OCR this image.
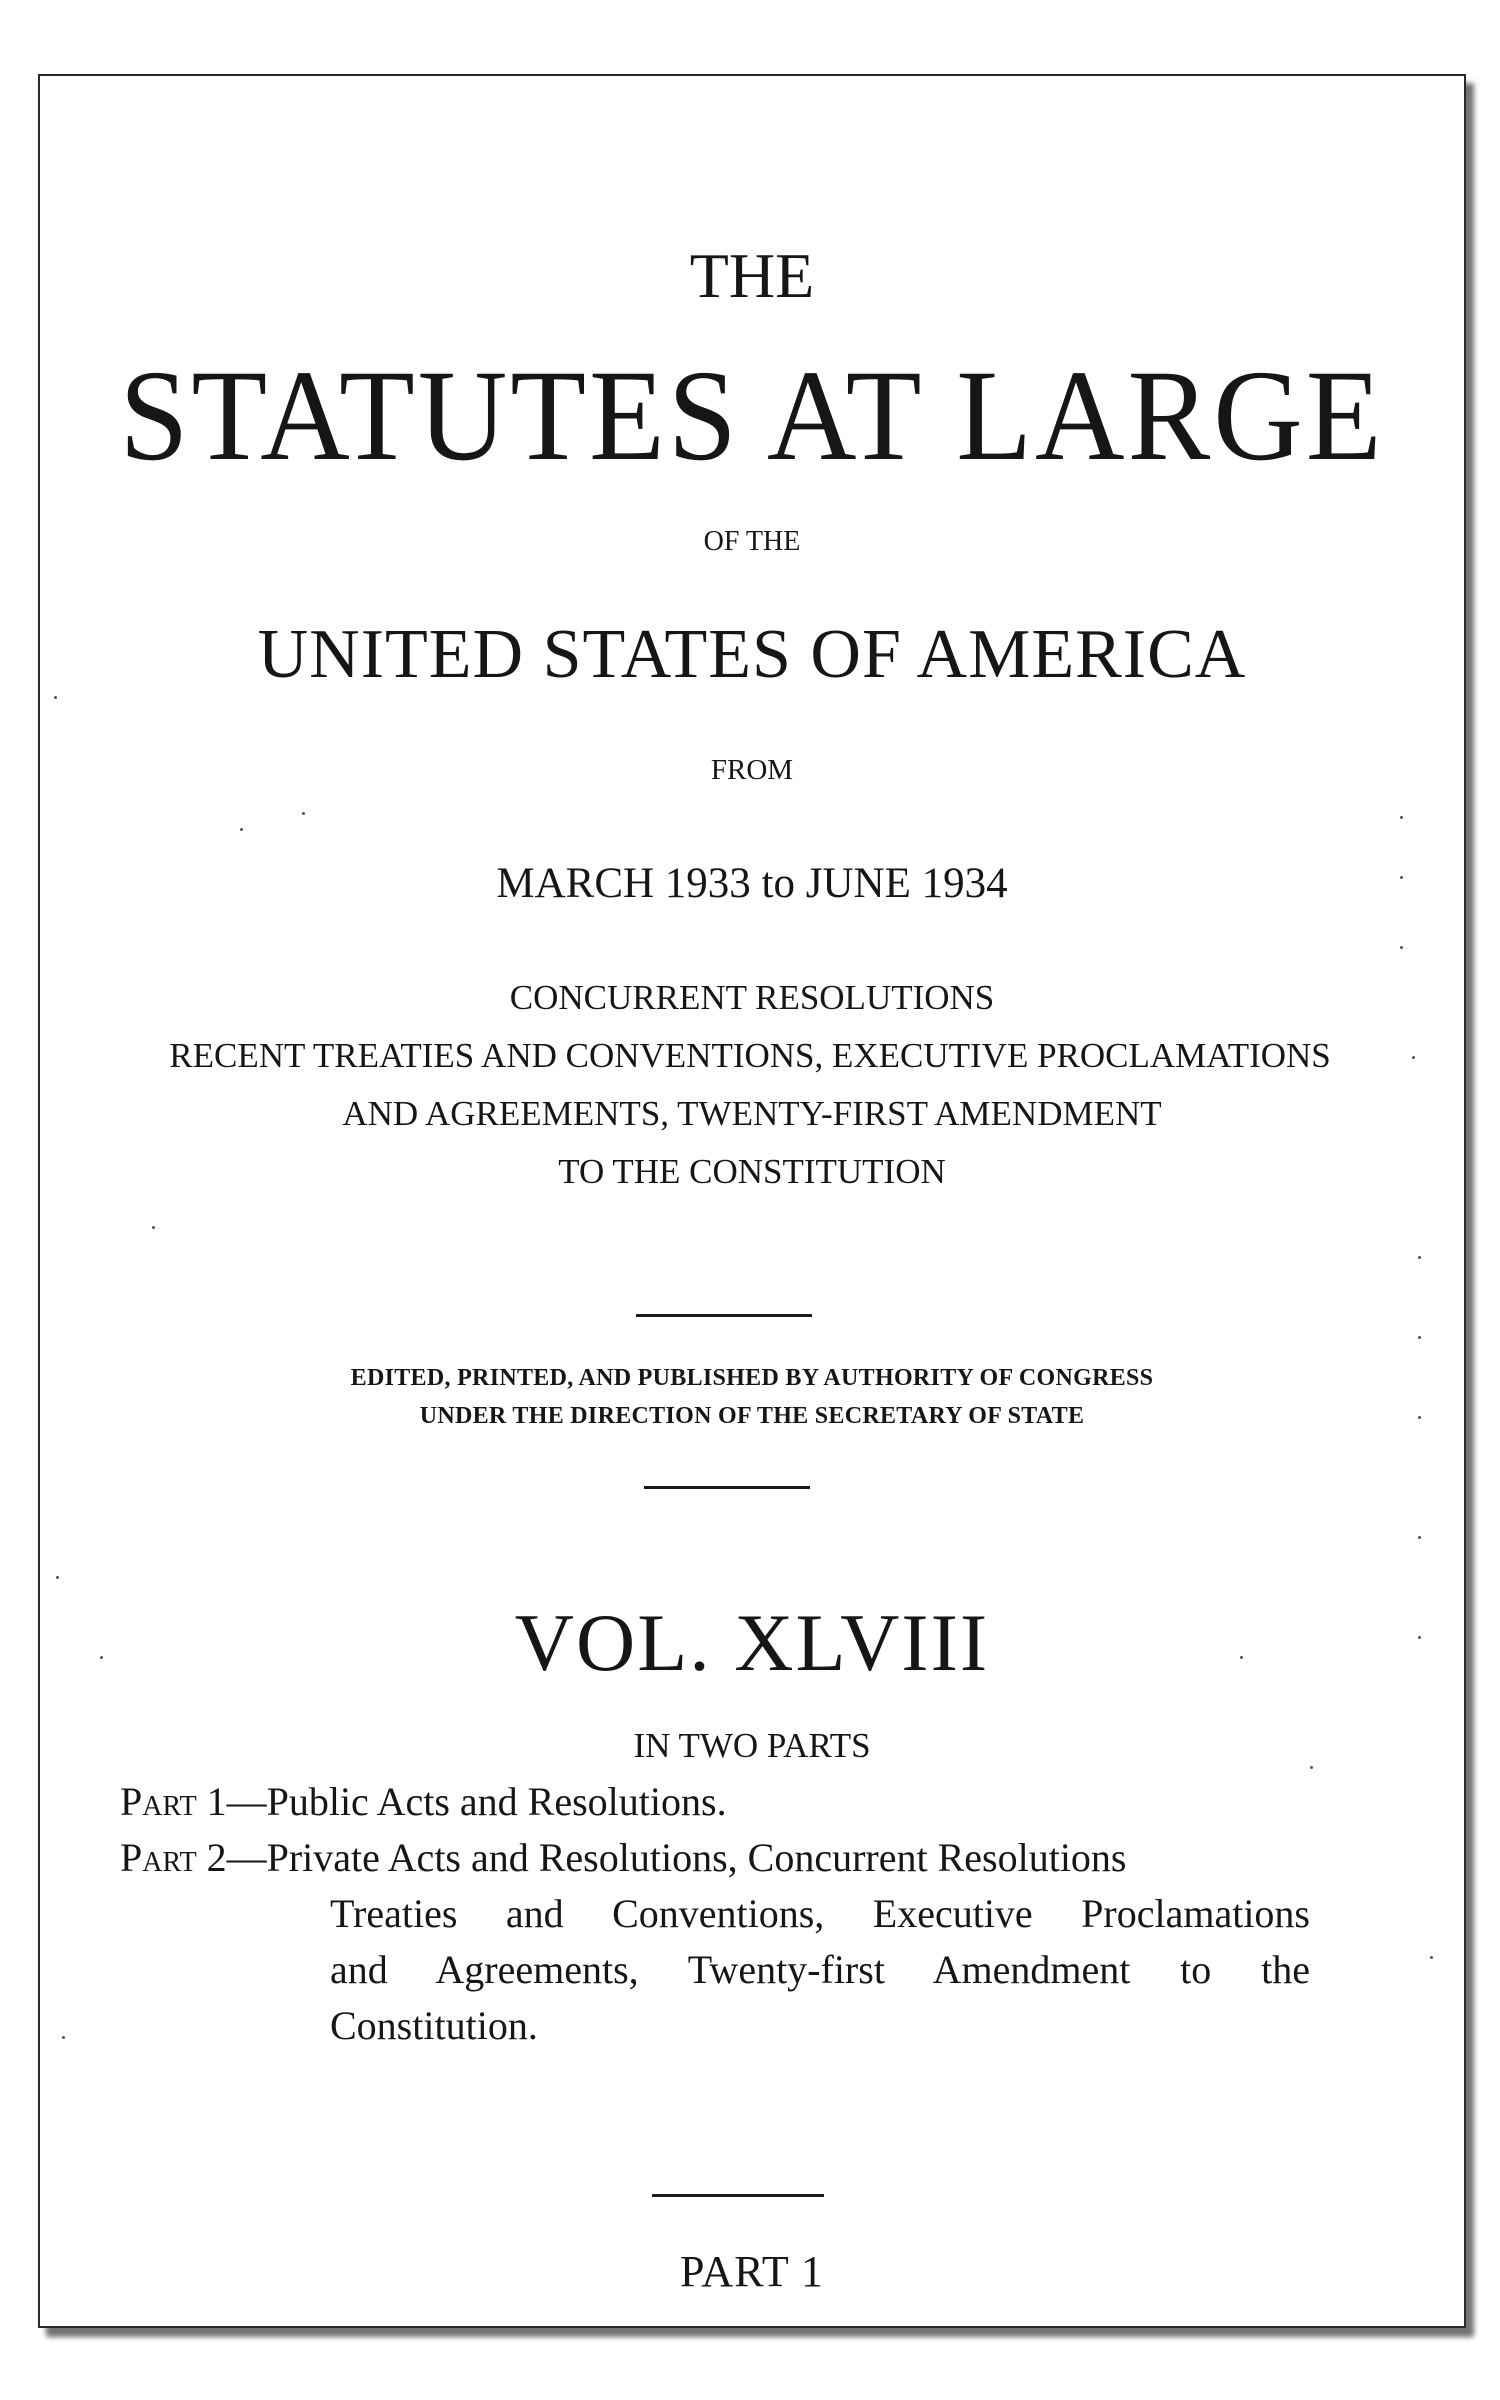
THE
STATUTES AT LARGE
OF THE
UNITED STATES OF AMERICA
FROM
MARCH 1933 to JUNE 1934
CONCURRENT RESOLUTIONS
RECENT TREATIES AND CONVENTIONS, EXECUTIVE PROCLAMATIONS
AND AGREEMENTS, TWENTY-FIRST AMENDMENT
TO THE CONSTITUTION
EDITED, PRINTED, AND PUBLISHED BY AUTHORITY OF CONGRESS
UNDER THE DIRECTION OF THE SECRETARY OF STATE
VOL. XLVIII
IN TWO PARTS
Part 1—Public Acts and Resolutions.
Part 2—Private Acts and Resolutions, Concurrent Resolutions
Treaties and Conventions, Executive Proclamations
and Agreements, Twenty-first Amendment to the
Constitution.
PART 1
